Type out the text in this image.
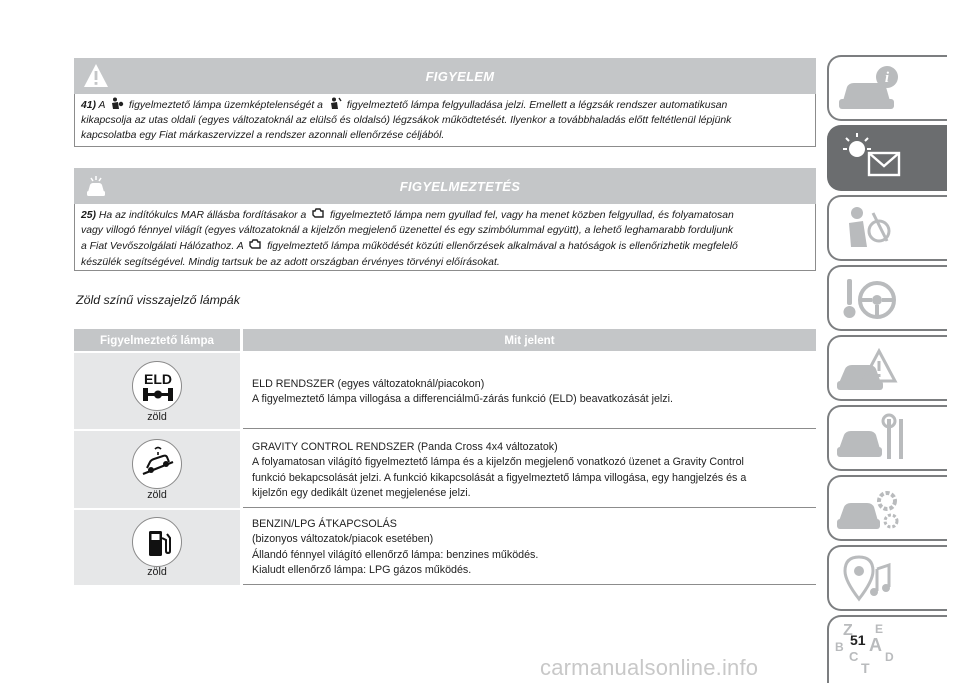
FIGYELEM
41) A figyelmeztető lámpa üzemképtelenségét a figyelmeztető lámpa felgyulladása jelzi. Emellett a légzsák rendszer automatikusan
kikapcsolja az utas oldali (egyes változatoknál az elülső és oldalsó) légzsákok működtetését. Ilyenkor a továbbhaladás előtt feltétlenül lépjünk
kapcsolatba egy Fiat márkaszervizzel a rendszer azonnali ellenőrzése céljából.
FIGYELMEZTETÉS
25) Ha az indítókulcs MAR állásba fordításakor a figyelmeztető lámpa nem gyullad fel, vagy ha menet közben felgyullad, és folyamatosan
vagy villogó fénnyel világít (egyes változatoknál a kijelzőn megjelenő üzenettel és egy szimbólummal együtt), a lehető leghamarabb forduljunk
a Fiat Vevőszolgálati Hálózathoz. A figyelmeztető lámpa működését közúti ellenőrzések alkalmával a hatóságok is ellenőrizhetik megfelelő
készülék segítségével. Mindig tartsuk be az adott országban érvényes törvényi előírásokat.
Zöld színű visszajelző lámpák
Figyelmeztető lámpa	Mit jelent
ELD
zöld
ELD RENDSZER (egyes változatoknál/piacokon)
A figyelmeztető lámpa villogása a differenciálmű-zárás funkció (ELD) beavatkozását jelzi.
zöld
GRAVITY CONTROL RENDSZER (Panda Cross 4x4 változatok)
A folyamatosan világító figyelmeztető lámpa és a kijelzőn megjelenő vonatkozó üzenet a Gravity Control
funkció bekapcsolását jelzi. A funkció kikapcsolását a figyelmeztető lámpa villogása, egy hangjelzés és a
kijelzőn egy dedikált üzenet megjelenése jelzi.
zöld
BENZIN/LPG ÁTKAPCSOLÁS
(bizonyos változatok/piacok esetében)
Állandó fénnyel világító ellenőrző lámpa: benzines működés.
Kialudt ellenőrző lámpa: LPG gázos működés.
i
Z E
A
B
C D
T
51
carmanualsonline.info
